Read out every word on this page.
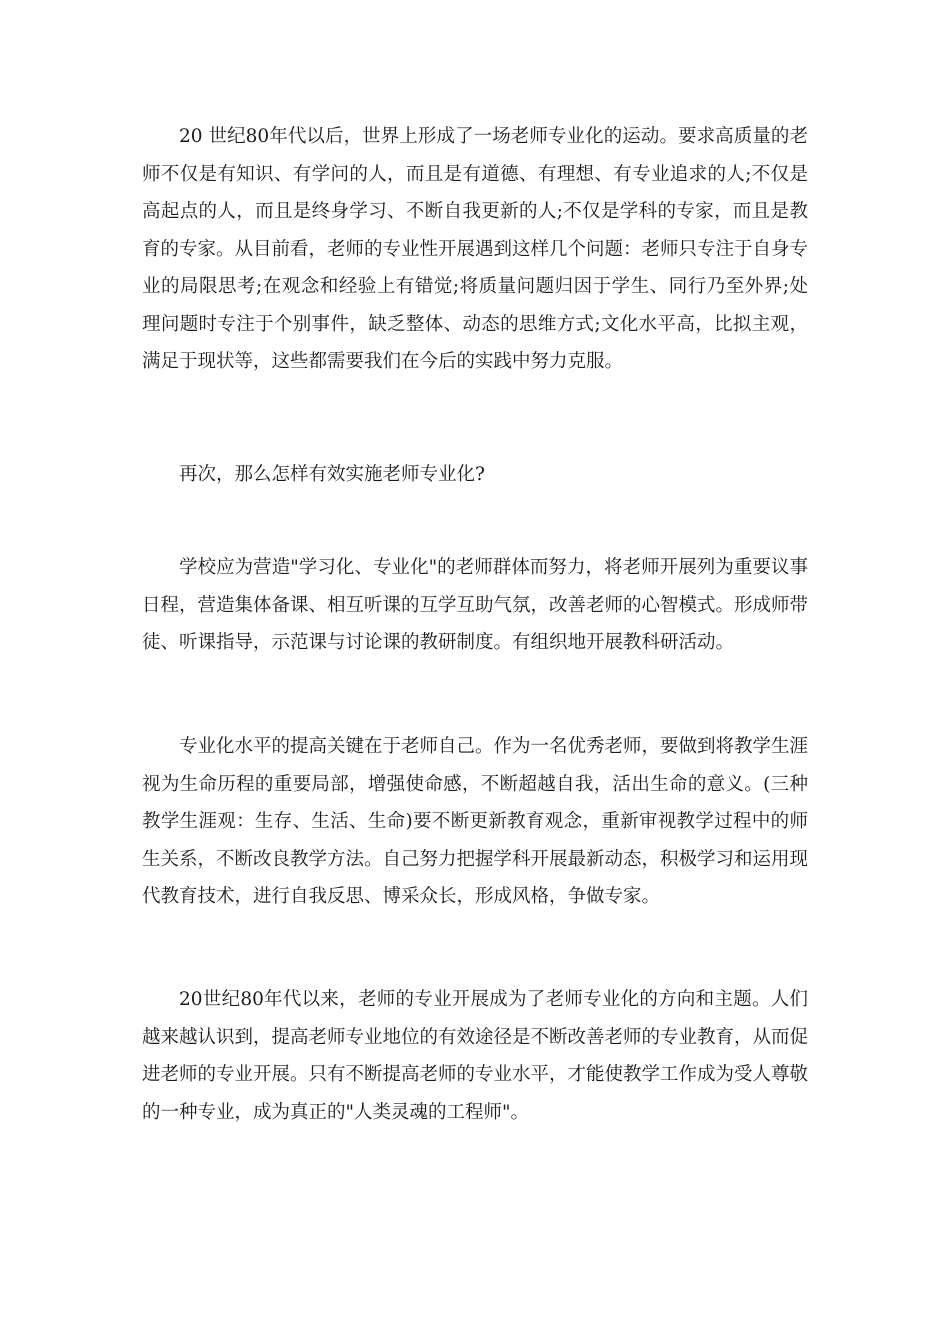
20 世纪80年代以后，世界上形成了一场老师专业化的运动。要求高质量的老师不仅是有知识、有学问的人，而且是有道德、有理想、有专业追求的人;不仅是高起点的人，而且是终身学习、不断自我更新的人;不仅是学科的专家，而且是教育的专家。从目前看，老师的专业性开展遇到这样几个问题：老师只专注于自身专业的局限思考;在观念和经验上有错觉;将质量问题归因于学生、同行乃至外界;处理问题时专注于个别事件，缺乏整体、动态的思维方式;文化水平高，比拟主观，满足于现状等，这些都需要我们在今后的实践中努力克服。

再次，那么怎样有效实施老师专业化?

学校应为营造"学习化、专业化"的老师群体而努力，将老师开展列为重要议事日程，营造集体备课、相互听课的互学互助气氛，改善老师的心智模式。形成师带徒、听课指导，示范课与讨论课的教研制度。有组织地开展教科研活动。

专业化水平的提高关键在于老师自己。作为一名优秀老师，要做到将教学生涯视为生命历程的重要局部，增强使命感，不断超越自我，活出生命的意义。(三种教学生涯观：生存、生活、生命)要不断更新教育观念，重新审视教学过程中的师生关系，不断改良教学方法。自己努力把握学科开展最新动态，积极学习和运用现代教育技术，进行自我反思、博采众长，形成风格，争做专家。

20世纪80年代以来，老师的专业开展成为了老师专业化的方向和主题。人们越来越认识到，提高老师专业地位的有效途径是不断改善老师的专业教育，从而促进老师的专业开展。只有不断提高老师的专业水平，才能使教学工作成为受人尊敬的一种专业，成为真正的"人类灵魂的工程师"。
